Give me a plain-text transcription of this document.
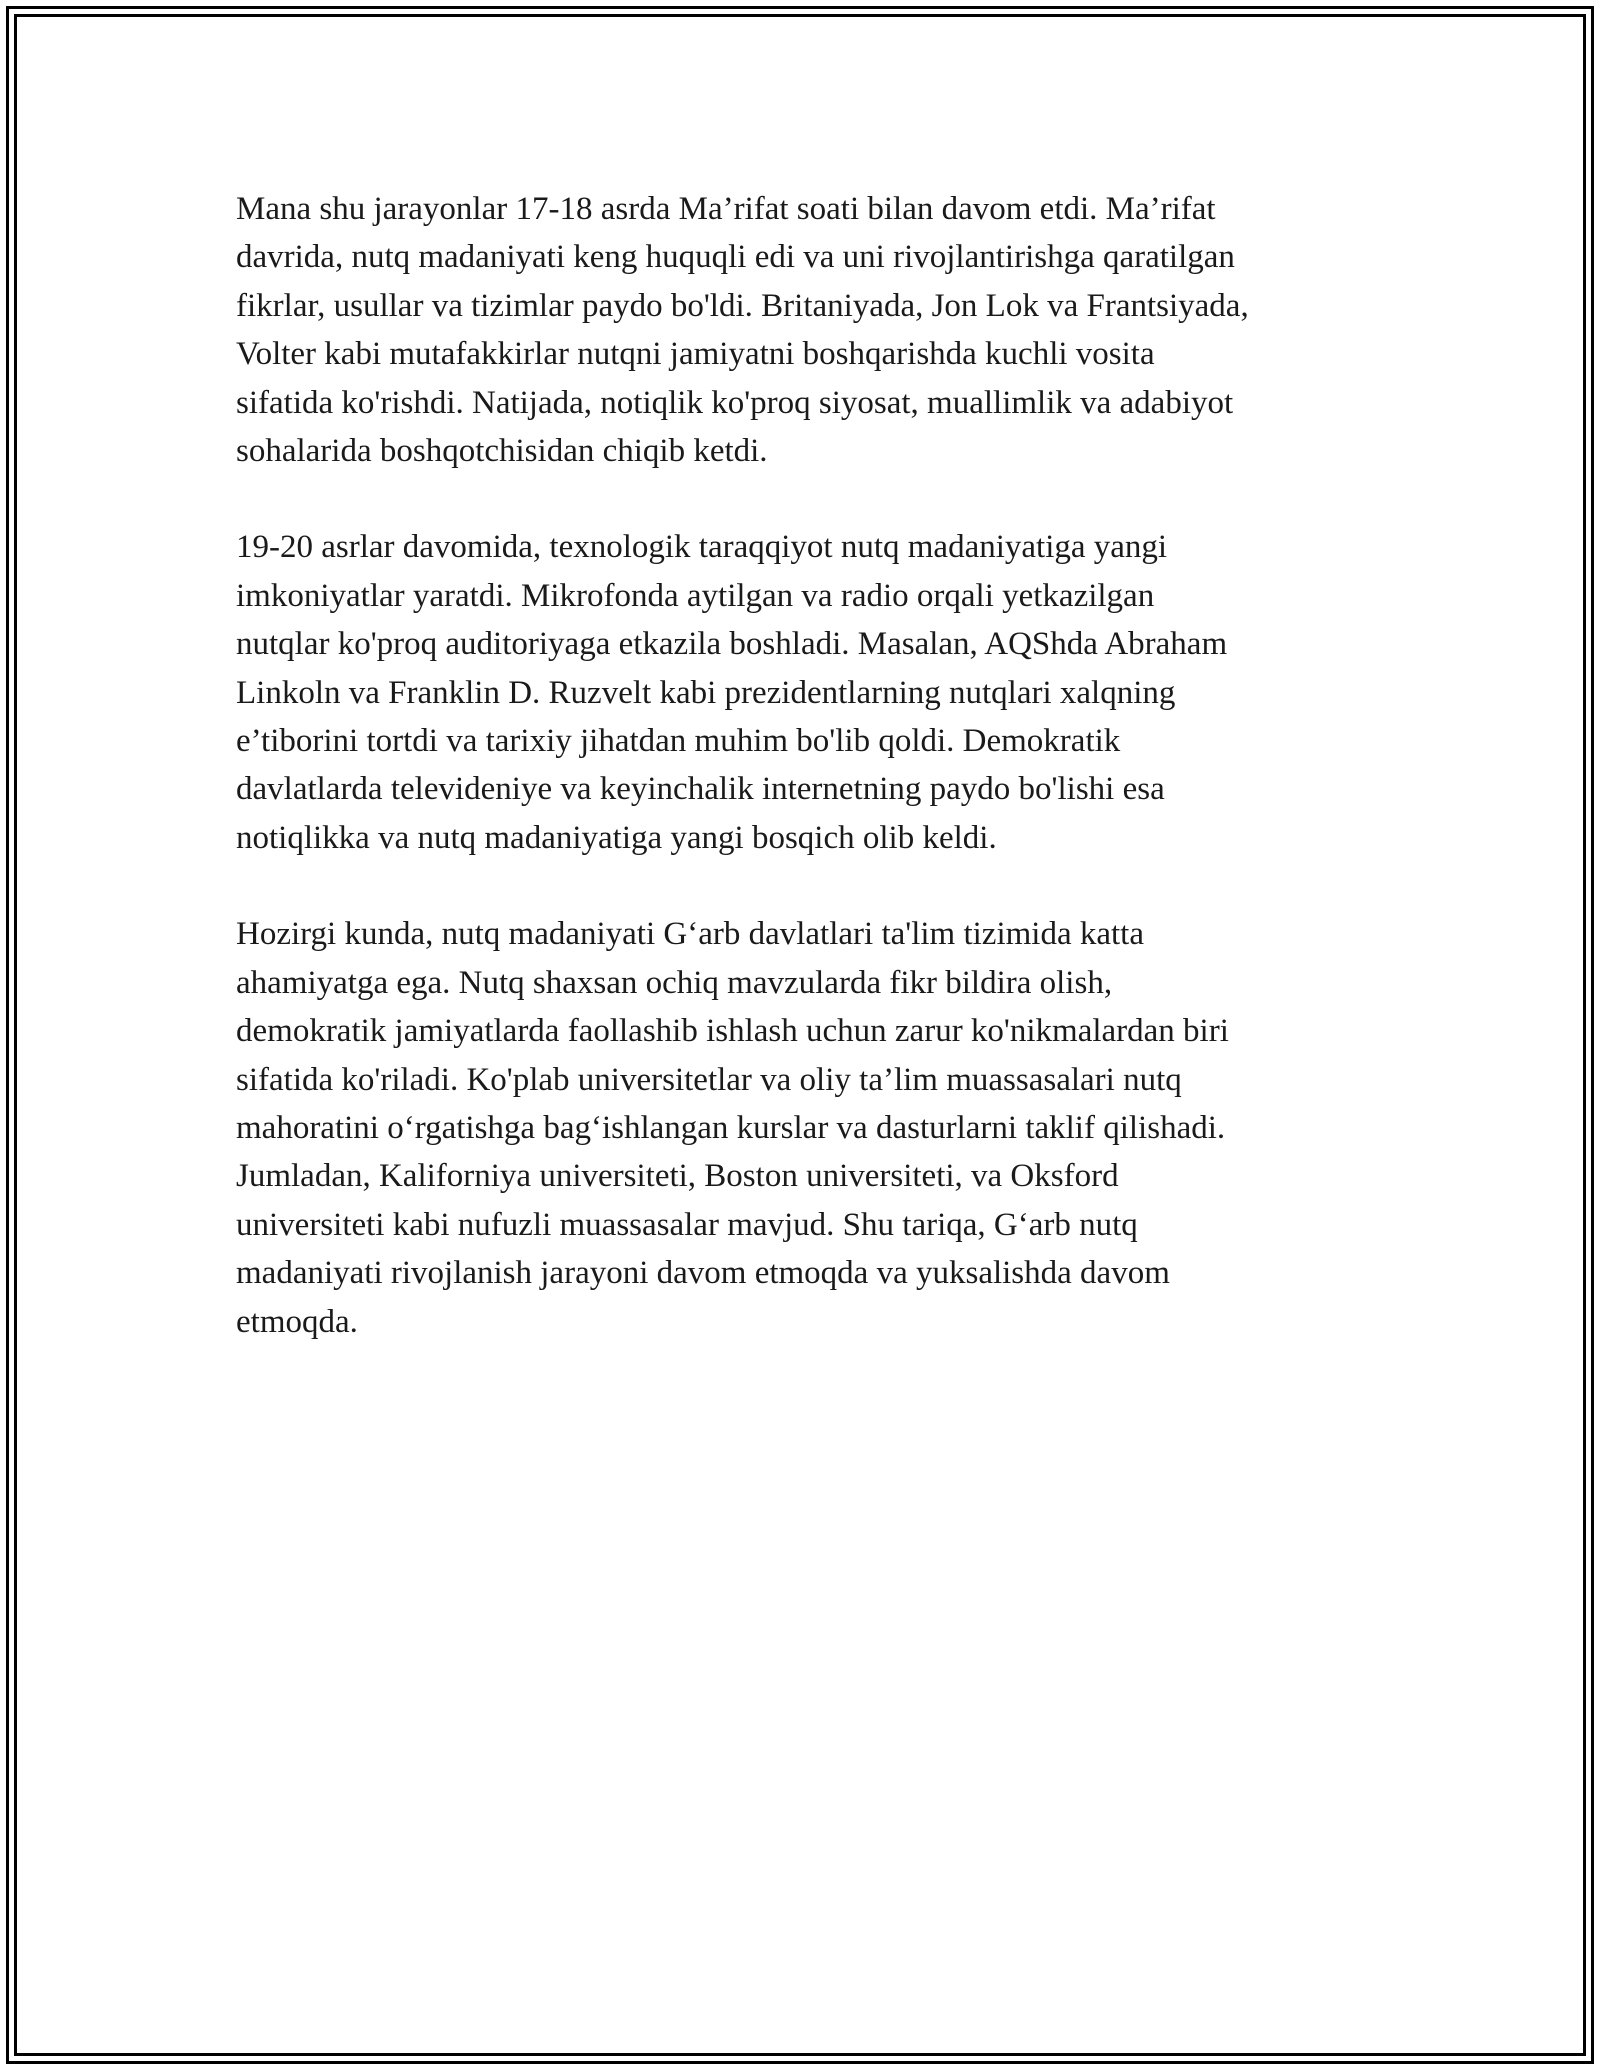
Mana shu jarayonlar 17-18 asrda Ma’rifat soati bilan davom etdi. Ma’rifat
davrida, nutq madaniyati keng huquqli edi va uni rivojlantirishga qaratilgan
fikrlar, usullar va tizimlar paydo bo'ldi. Britaniyada, Jon Lok va Frantsiyada,
Volter kabi mutafakkirlar nutqni jamiyatni boshqarishda kuchli vosita
sifatida ko'rishdi. Natijada, notiqlik ko'proq siyosat, muallimlik va adabiyot
sohalarida boshqotchisidan chiqib ketdi.

19-20 asrlar davomida, texnologik taraqqiyot nutq madaniyatiga yangi
imkoniyatlar yaratdi. Mikrofonda aytilgan va radio orqali yetkazilgan
nutqlar ko'proq auditoriyaga etkazila boshladi. Masalan, AQShda Abraham
Linkoln va Franklin D. Ruzvelt kabi prezidentlarning nutqlari xalqning
e’tiborini tortdi va tarixiy jihatdan muhim bo'lib qoldi. Demokratik
davlatlarda televideniye va keyinchalik internetning paydo bo'lishi esa
notiqlikka va nutq madaniyatiga yangi bosqich olib keldi.

Hozirgi kunda, nutq madaniyati G‘arb davlatlari ta'lim tizimida katta
ahamiyatga ega. Nutq shaxsan ochiq mavzularda fikr bildira olish,
demokratik jamiyatlarda faollashib ishlash uchun zarur ko'nikmalardan biri
sifatida ko'riladi. Ko'plab universitetlar va oliy ta’lim muassasalari nutq
mahoratini o‘rgatishga bag‘ishlangan kurslar va dasturlarni taklif qilishadi.
Jumladan, Kaliforniya universiteti, Boston universiteti, va Oksford
universiteti kabi nufuzli muassasalar mavjud. Shu tariqa, G‘arb nutq
madaniyati rivojlanish jarayoni davom etmoqda va yuksalishda davom
etmoqda.
